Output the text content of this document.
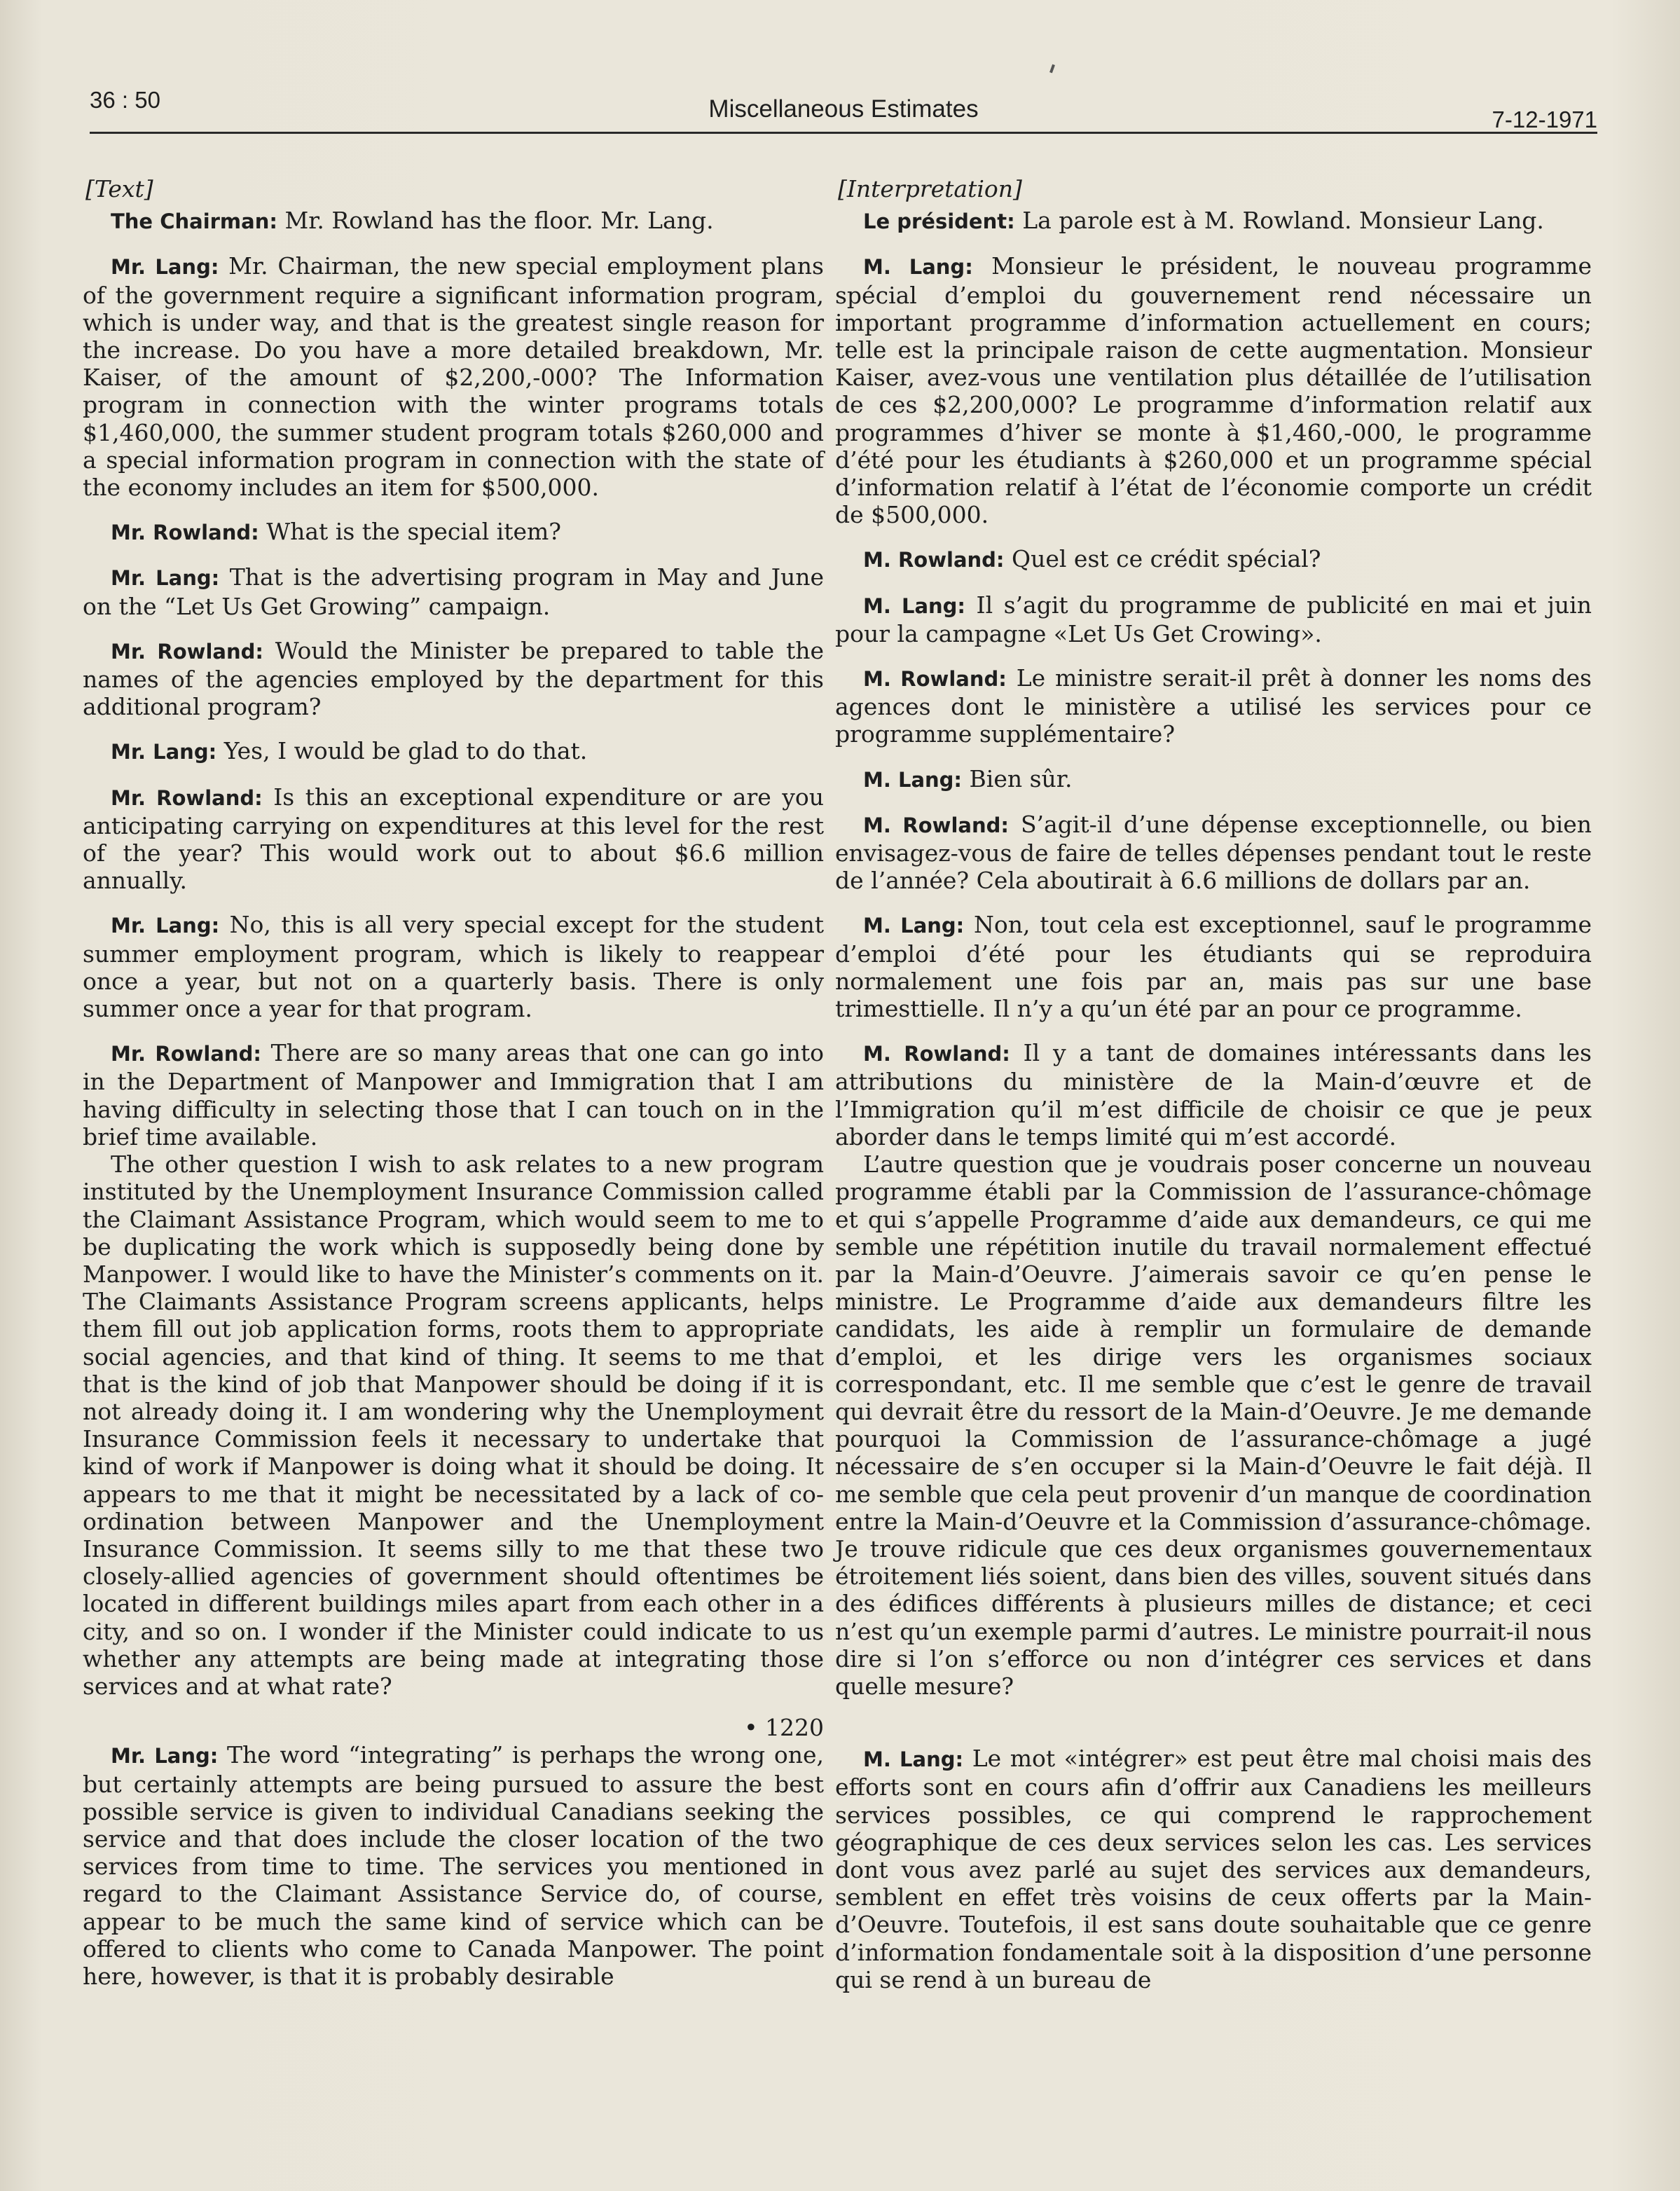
36 : 50	Miscellaneous Estimates	7-12-1971
[Text]

The Chairman: Mr. Rowland has the floor. Mr. Lang.

Mr. Lang: Mr. Chairman, the new special employment plans of the government require a significant information program, which is under way, and that is the greatest single reason for the increase. Do you have a more detailed breakdown, Mr. Kaiser, of the amount of $2,200,-000? The Information program in connection with the winter programs totals $1,460,000, the summer student program totals $260,000 and a special information program in connection with the state of the economy includes an item for $500,000.

Mr. Rowland: What is the special item?

Mr. Lang: That is the advertising program in May and June on the “Let Us Get Growing” campaign.

Mr. Rowland: Would the Minister be prepared to table the names of the agencies employed by the department for this additional program?

Mr. Lang: Yes, I would be glad to do that.

Mr. Rowland: Is this an exceptional expenditure or are you anticipating carrying on expenditures at this level for the rest of the year? This would work out to about $6.6 million annually.

Mr. Lang: No, this is all very special except for the student summer employment program, which is likely to reappear once a year, but not on a quarterly basis. There is only summer once a year for that program.

Mr. Rowland: There are so many areas that one can go into in the Department of Manpower and Immigration that I am having difficulty in selecting those that I can touch on in the brief time available.

The other question I wish to ask relates to a new program instituted by the Unemployment Insurance Commission called the Claimant Assistance Program, which would seem to me to be duplicating the work which is supposedly being done by Manpower. I would like to have the Minister’s comments on it. The Claimants Assistance Program screens applicants, helps them fill out job application forms, roots them to appropriate social agencies, and that kind of thing. It seems to me that that is the kind of job that Manpower should be doing if it is not already doing it. I am wondering why the Unemployment Insurance Commission feels it necessary to undertake that kind of work if Manpower is doing what it should be doing. It appears to me that it might be necessitated by a lack of co-ordination between Manpower and the Unemployment Insurance Commission. It seems silly to me that these two closely-allied agencies of government should oftentimes be located in different buildings miles apart from each other in a city, and so on. I wonder if the Minister could indicate to us whether any attempts are being made at integrating those services and at what rate?

• 1220

Mr. Lang: The word “integrating” is perhaps the wrong one, but certainly attempts are being pursued to assure the best possible service is given to individual Canadians seeking the service and that does include the closer location of the two services from time to time. The services you mentioned in regard to the Claimant Assistance Service do, of course, appear to be much the same kind of service which can be offered to clients who come to Canada Manpower. The point here, however, is that it is probably desirable

[Interpretation]

Le président: La parole est à M. Rowland. Monsieur Lang.

M. Lang: Monsieur le président, le nouveau programme spécial d’emploi du gouvernement rend nécessaire un important programme d’information actuellement en cours; telle est la principale raison de cette augmentation. Monsieur Kaiser, avez-vous une ventilation plus détaillée de l’utilisation de ces $2,200,000? Le programme d’information relatif aux programmes d’hiver se monte à $1,460,-000, le programme d’été pour les étudiants à $260,000 et un programme spécial d’information relatif à l’état de l’économie comporte un crédit de $500,000.

M. Rowland: Quel est ce crédit spécial?

M. Lang: Il s’agit du programme de publicité en mai et juin pour la campagne «Let Us Get Crowing».

M. Rowland: Le ministre serait-il prêt à donner les noms des agences dont le ministère a utilisé les services pour ce programme supplémentaire?

M. Lang: Bien sûr.

M. Rowland: S’agit-il d’une dépense exceptionnelle, ou bien envisagez-vous de faire de telles dépenses pendant tout le reste de l’année? Cela aboutirait à 6.6 millions de dollars par an.

M. Lang: Non, tout cela est exceptionnel, sauf le programme d’emploi d’été pour les étudiants qui se reproduira normalement une fois par an, mais pas sur une base trimesttielle. Il n’y a qu’un été par an pour ce programme.

M. Rowland: Il y a tant de domaines intéressants dans les attributions du ministère de la Main-d’œuvre et de l’Immigration qu’il m’est difficile de choisir ce que je peux aborder dans le temps limité qui m’est accordé.

L’autre question que je voudrais poser concerne un nouveau programme établi par la Commission de l’assurance-chômage et qui s’appelle Programme d’aide aux demandeurs, ce qui me semble une répétition inutile du travail normalement effectué par la Main-d’Oeuvre. J’aimerais savoir ce qu’en pense le ministre. Le Programme d’aide aux demandeurs filtre les candidats, les aide à remplir un formulaire de demande d’emploi, et les dirige vers les organismes sociaux correspondant, etc. Il me semble que c’est le genre de travail qui devrait être du ressort de la Main-d’Oeuvre. Je me demande pourquoi la Commission de l’assurance-chômage a jugé nécessaire de s’en occuper si la Main-d’Oeuvre le fait déjà. Il me semble que cela peut provenir d’un manque de coordination entre la Main-d’Oeuvre et la Commission d’assurance-chômage. Je trouve ridicule que ces deux organismes gouvernementaux étroitement liés soient, dans bien des villes, souvent situés dans des édifices différents à plusieurs milles de distance; et ceci n’est qu’un exemple parmi d’autres. Le ministre pourrait-il nous dire si l’on s’efforce ou non d’intégrer ces services et dans quelle mesure?

M. Lang: Le mot «intégrer» est peut être mal choisi mais des efforts sont en cours afin d’offrir aux Canadiens les meilleurs services possibles, ce qui comprend le rapprochement géographique de ces deux services selon les cas. Les services dont vous avez parlé au sujet des services aux demandeurs, semblent en effet très voisins de ceux offerts par la Main-d’Oeuvre. Toutefois, il est sans doute souhaitable que ce genre d’information fondamentale soit à la disposition d’une personne qui se rend à un bureau de
